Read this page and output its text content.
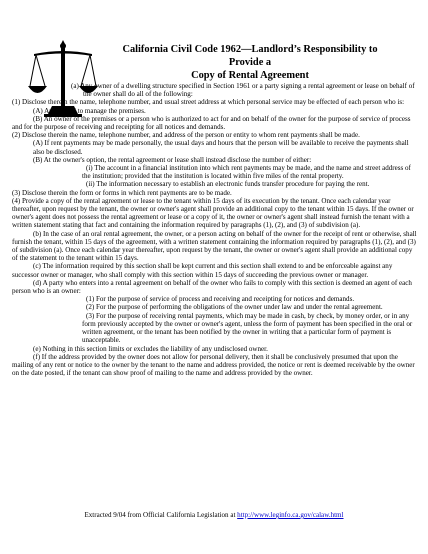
California Civil Code 1962—Landlord’s Responsibility to Provide a
Copy of Rental Agreement

(a) Any owner of a dwelling structure specified in Section 1961 or a party signing a rental agreement or lease on behalf of the owner shall do all of the following:

(1) Disclose therein the name, telephone number, and usual street address at which personal service may be effected of each person who is:

(A) Authorized to manage the premises.

(B) An owner of the premises or a person who is authorized to act for and on behalf of the owner for the purpose of service of process and for the purpose of receiving and receipting for all notices and demands.

(2) Disclose therein the name, telephone number, and address of the person or entity to whom rent payments shall be made.

(A) If rent payments may be made personally, the usual days and hours that the person will be available to receive the payments shall also be disclosed.

(B) At the owner's option, the rental agreement or lease shall instead disclose the number of either:

(i) The account in a financial institution into which rent payments may be made, and the name and street address of the institution; provided that the institution is located within five miles of the rental property.

(ii) The information necessary to establish an electronic funds transfer procedure for paying the rent.

(3) Disclose therein the form or forms in which rent payments are to be made.

(4) Provide a copy of the rental agreement or lease to the tenant within 15 days of its execution by the tenant. Once each calendar year thereafter, upon request by the tenant, the owner or owner's agent shall provide an additional copy to the tenant within 15 days. If the owner or owner's agent does not possess the rental agreement or lease or a copy of it, the owner or owner's agent shall instead furnish the tenant with a written statement stating that fact and containing the information required by paragraphs (1), (2), and (3) of subdivision (a).

(b) In the case of an oral rental agreement, the owner, or a person acting on behalf of the owner for the receipt of rent or otherwise, shall furnish the tenant, within 15 days of the agreement, with a written statement containing the information required by paragraphs (1), (2), and (3) of subdivision (a). Once each calendar year thereafter, upon request by the tenant, the owner or owner's agent shall provide an additional copy of the statement to the tenant within 15 days.

(c) The information required by this section shall be kept current and this section shall extend to and be enforceable against any successor owner or manager, who shall comply with this section within 15 days of succeeding the previous owner or manager.

(d) A party who enters into a rental agreement on behalf of the owner who fails to comply with this section is deemed an agent of each person who is an owner:

(1) For the purpose of service of process and receiving and receipting for notices and demands.

(2) For the purpose of performing the obligations of the owner under law and under the rental agreement.

(3) For the purpose of receiving rental payments, which may be made in cash, by check, by money order, or in any form previously accepted by the owner or owner's agent, unless the form of payment has been specified in the oral or written agreement, or the tenant has been notified by the owner in writing that a particular form of payment is unacceptable.

(e) Nothing in this section limits or excludes the liability of any undisclosed owner.

(f) If the address provided by the owner does not allow for personal delivery, then it shall be conclusively presumed that upon the mailing of any rent or notice to the owner by the tenant to the name and address provided, the notice or rent is deemed receivable by the owner on the date posted, if the tenant can show proof of mailing to the name and address provided by the owner.

Extracted 9/04 from Official California Legislation at http://www.leginfo.ca.gov/calaw.html
